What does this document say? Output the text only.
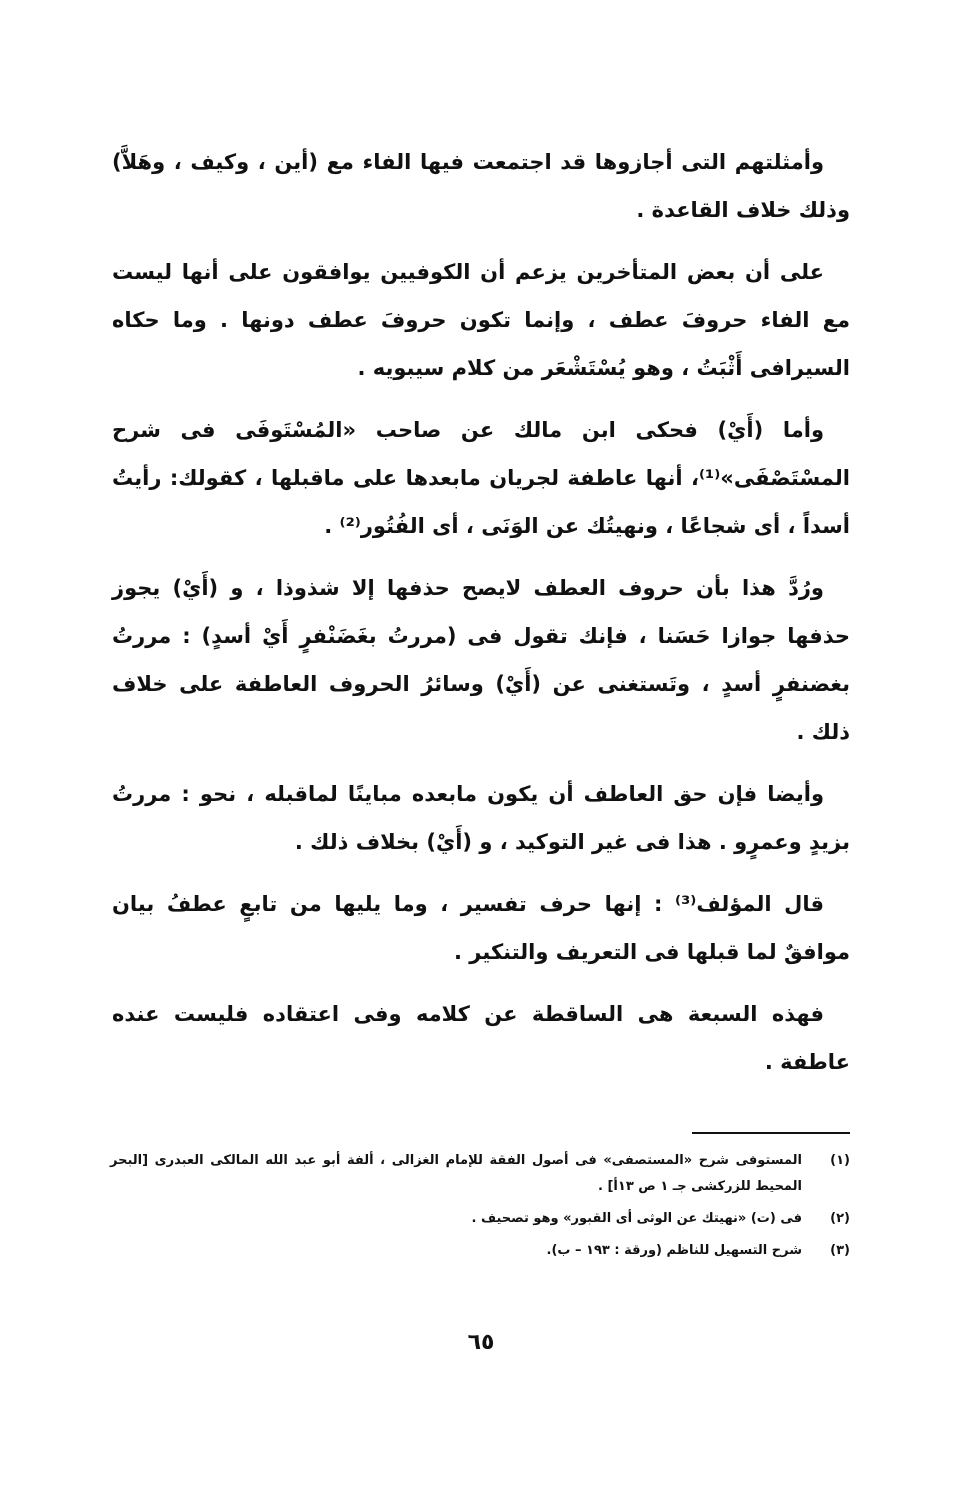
وأمثلتهم التى أجازوها قد اجتمعت فيها الفاء مع (أين ، وكيف ، وهَلاَّ) وذلك خلاف القاعدة .

على أن بعض المتأخرين يزعم أن الكوفيين يوافقون على أنها ليست مع الفاء حروفَ عطف ، وإنما تكون حروفَ عطف دونها . وما حكاه السيرافى أَثْبَتُ ، وهو يُسْتَشْعَر من كلام سيبويه .

وأما (أَيْ) فحكى ابن مالك عن صاحب «المُسْتَوفَى فى شرح المسْتَصْفَى»⁽¹⁾، أنها عاطفة لجريان مابعدها على ماقبلها ، كقولك: رأيتُ أسداً ، أى شجاعًا ، ونهيتُك عن الوَنَى ، أى الفُتُور⁽²⁾ .

ورُدَّ هذا بأن حروف العطف لايصح حذفها إلا شذوذا ، و (أَيْ) يجوز حذفها جوازا حَسَنا ، فإنك تقول فى (مررتُ بغَضَنْفرٍ أَيْ أسدٍ) : مررتُ بغضنفرٍ أسدٍ ، وتَستغنى عن (أَيْ) وسائرُ الحروف العاطفة على خلاف ذلك .

وأيضا فإن حق العاطف أن يكون مابعده مباينًا لماقبله ، نحو : مررتُ بزيدٍ وعمرٍو . هذا فى غير التوكيد ، و (أَيْ) بخلاف ذلك .

قال المؤلف⁽³⁾ : إنها حرف تفسير ، وما يليها من تابعٍ عطفُ بيان موافقٌ لما قبلها فى التعريف والتنكير .

فهذه السبعة هى الساقطة عن كلامه وفى اعتقاده فليست عنده عاطفة .

(١)
المستوفى شرح «المستصفى» فى أصول الفقة للإمام الغزالى ، ألفة أبو عبد الله المالكى العبدرى [البحر المحيط للزركشى جـ ١ ص ١٣أ] .
(٢)
فى (ت) «نهيتك عن الوثى أى القبور» وهو تصحيف .
(٣)
شرح التسهيل للناظم (ورقة : ١٩٣ – ب).
٦٥
